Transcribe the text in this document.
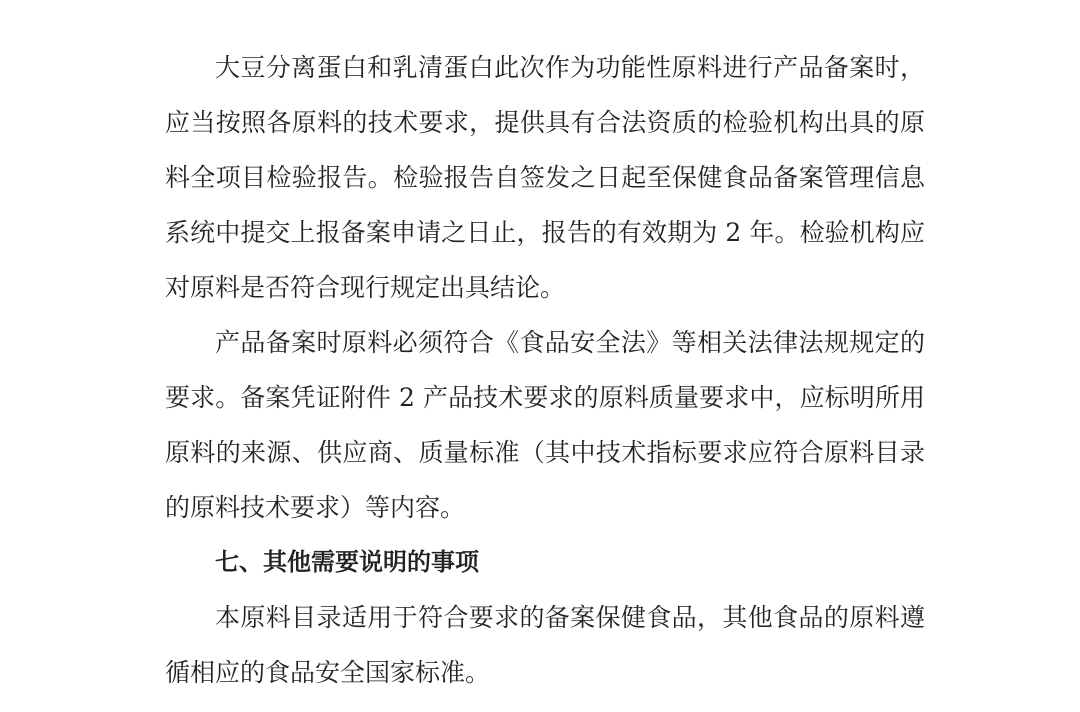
大豆分离蛋白和乳清蛋白此次作为功能性原料进行产品备案时，
应当按照各原料的技术要求，提供具有合法资质的检验机构出具的原
料全项目检验报告。检验报告自签发之日起至保健食品备案管理信息
系统中提交上报备案申请之日止，报告的有效期为 2 年。检验机构应
对原料是否符合现行规定出具结论。
产品备案时原料必须符合《食品安全法》等相关法律法规规定的
要求。备案凭证附件 2 产品技术要求的原料质量要求中，应标明所用
原料的来源、供应商、质量标准（其中技术指标要求应符合原料目录
的原料技术要求）等内容。
七、其他需要说明的事项
本原料目录适用于符合要求的备案保健食品，其他食品的原料遵
循相应的食品安全国家标准。
